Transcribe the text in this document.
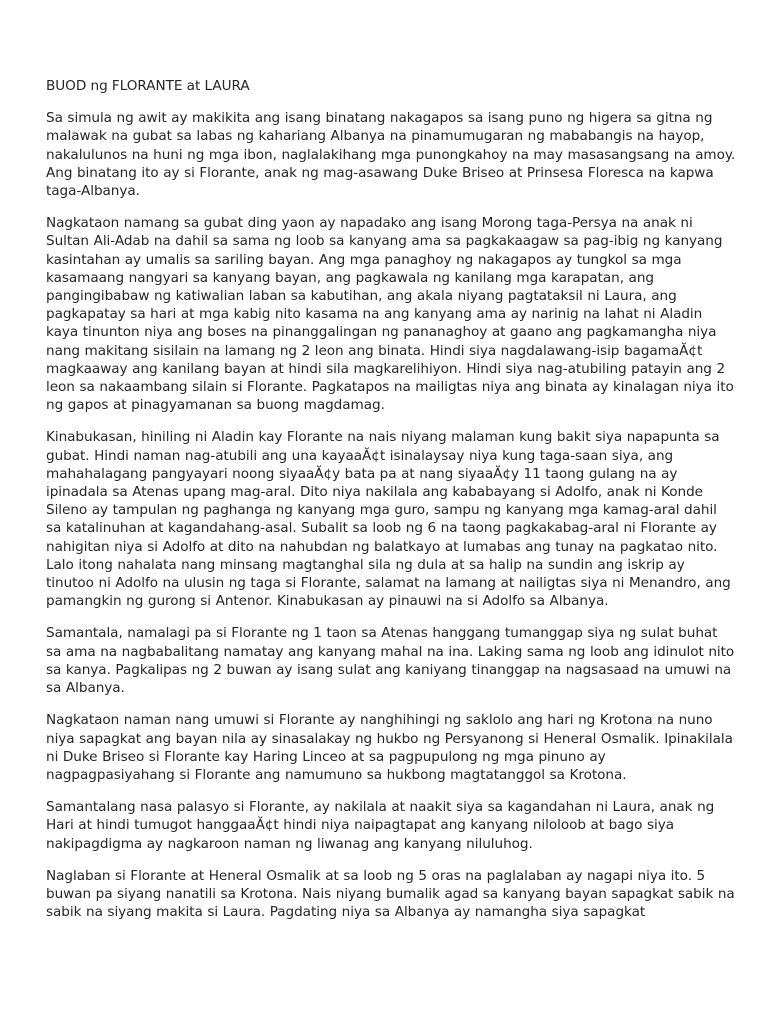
BUOD ng FLORANTE at LAURA

Sa simula ng awit ay makikita ang isang binatang nakagapos sa isang puno ng higera sa gitna ng malawak na gubat sa labas ng kahariang Albanya na pinamumugaran ng mababangis na hayop, nakalulunos na huni ng mga ibon, naglalakihang mga punongkahoy na may masasangsang na amoy. Ang binatang ito ay si Florante, anak ng mag-asawang Duke Briseo at Prinsesa Floresca na kapwa taga-Albanya.

Nagkataon namang sa gubat ding yaon ay napadako ang isang Morong taga-Persya na anak ni Sultan Ali-Adab na dahil sa sama ng loob sa kanyang ama sa pagkakaagaw sa pag-ibig ng kanyang kasintahan ay umalis sa sariling bayan. Ang mga panaghoy ng nakagapos ay tungkol sa mga kasamaang nangyari sa kanyang bayan, ang pagkawala ng kanilang mga karapatan, ang pangingibabaw ng katiwalian laban sa kabutihan, ang akala niyang pagtataksil ni Laura, ang pagkapatay sa hari at mga kabig nito kasama na ang kanyang ama ay narinig na lahat ni Aladin kaya tinunton niya ang boses na pinanggalingan ng pananaghoy at gaano ang pagkamangha niya nang makitang sisilain na lamang ng 2 leon ang binata. Hindi siya nagdalawang-isip bagamaĂ¢t magkaaway ang kanilang bayan at hindi sila magkarelihiyon. Hindi siya nag-atubiling patayin ang 2 leon sa nakaambang silain si Florante. Pagkatapos na mailigtas niya ang binata ay kinalagan niya ito ng gapos at pinagyamanan sa buong magdamag.

Kinabukasan, hiniling ni Aladin kay Florante na nais niyang malaman kung bakit siya napapunta sa gubat. Hindi naman nag-atubili ang una kayaaĂ¢t isinalaysay niya kung taga-saan siya, ang mahahalagang pangyayari noong siyaaĂ¢y bata pa at nang siyaaĂ¢y 11 taong gulang na ay ipinadala sa Atenas upang mag-aral. Dito niya nakilala ang kababayang si Adolfo, anak ni Konde Sileno ay tampulan ng paghanga ng kanyang mga guro, sampu ng kanyang mga kamag-aral dahil sa katalinuhan at kagandahang-asal. Subalit sa loob ng 6 na taong pagkakabag-aral ni Florante ay nahigitan niya si Adolfo at dito na nahubdan ng balatkayo at lumabas ang tunay na pagkatao nito. Lalo itong nahalata nang minsang magtanghal sila ng dula at sa halip na sundin ang iskrip ay tinutoo ni Adolfo na ulusin ng taga si Florante, salamat na lamang at nailigtas siya ni Menandro, ang pamangkin ng gurong si Antenor. Kinabukasan ay pinauwi na si Adolfo sa Albanya.

Samantala, namalagi pa si Florante ng 1 taon sa Atenas hanggang tumanggap siya ng sulat buhat sa ama na nagbabalitang namatay ang kanyang mahal na ina. Laking sama ng loob ang idinulot nito sa kanya. Pagkalipas ng 2 buwan ay isang sulat ang kaniyang tinanggap na nagsasaad na umuwi na sa Albanya.

Nagkataon naman nang umuwi si Florante ay nanghihingi ng saklolo ang hari ng Krotona na nuno niya sapagkat ang bayan nila ay sinasalakay ng hukbo ng Persyanong si Heneral Osmalik. Ipinakilala ni Duke Briseo si Florante kay Haring Linceo at sa pagpupulong ng mga pinuno ay nagpagpasiyahang si Florante ang namumuno sa hukbong magtatanggol sa Krotona.

Samantalang nasa palasyo si Florante, ay nakilala at naakit siya sa kagandahan ni Laura, anak ng Hari at hindi tumugot hanggaaĂ¢t hindi niya naipagtapat ang kanyang niloloob at bago siya nakipagdigma ay nagkaroon naman ng liwanag ang kanyang niluluhog.

Naglaban si Florante at Heneral Osmalik at sa loob ng 5 oras na paglalaban ay nagapi niya ito. 5 buwan pa siyang nanatili sa Krotona. Nais niyang bumalik agad sa kanyang bayan sapagkat sabik na sabik na siyang makita si Laura. Pagdating niya sa Albanya ay namangha siya sapagkat
